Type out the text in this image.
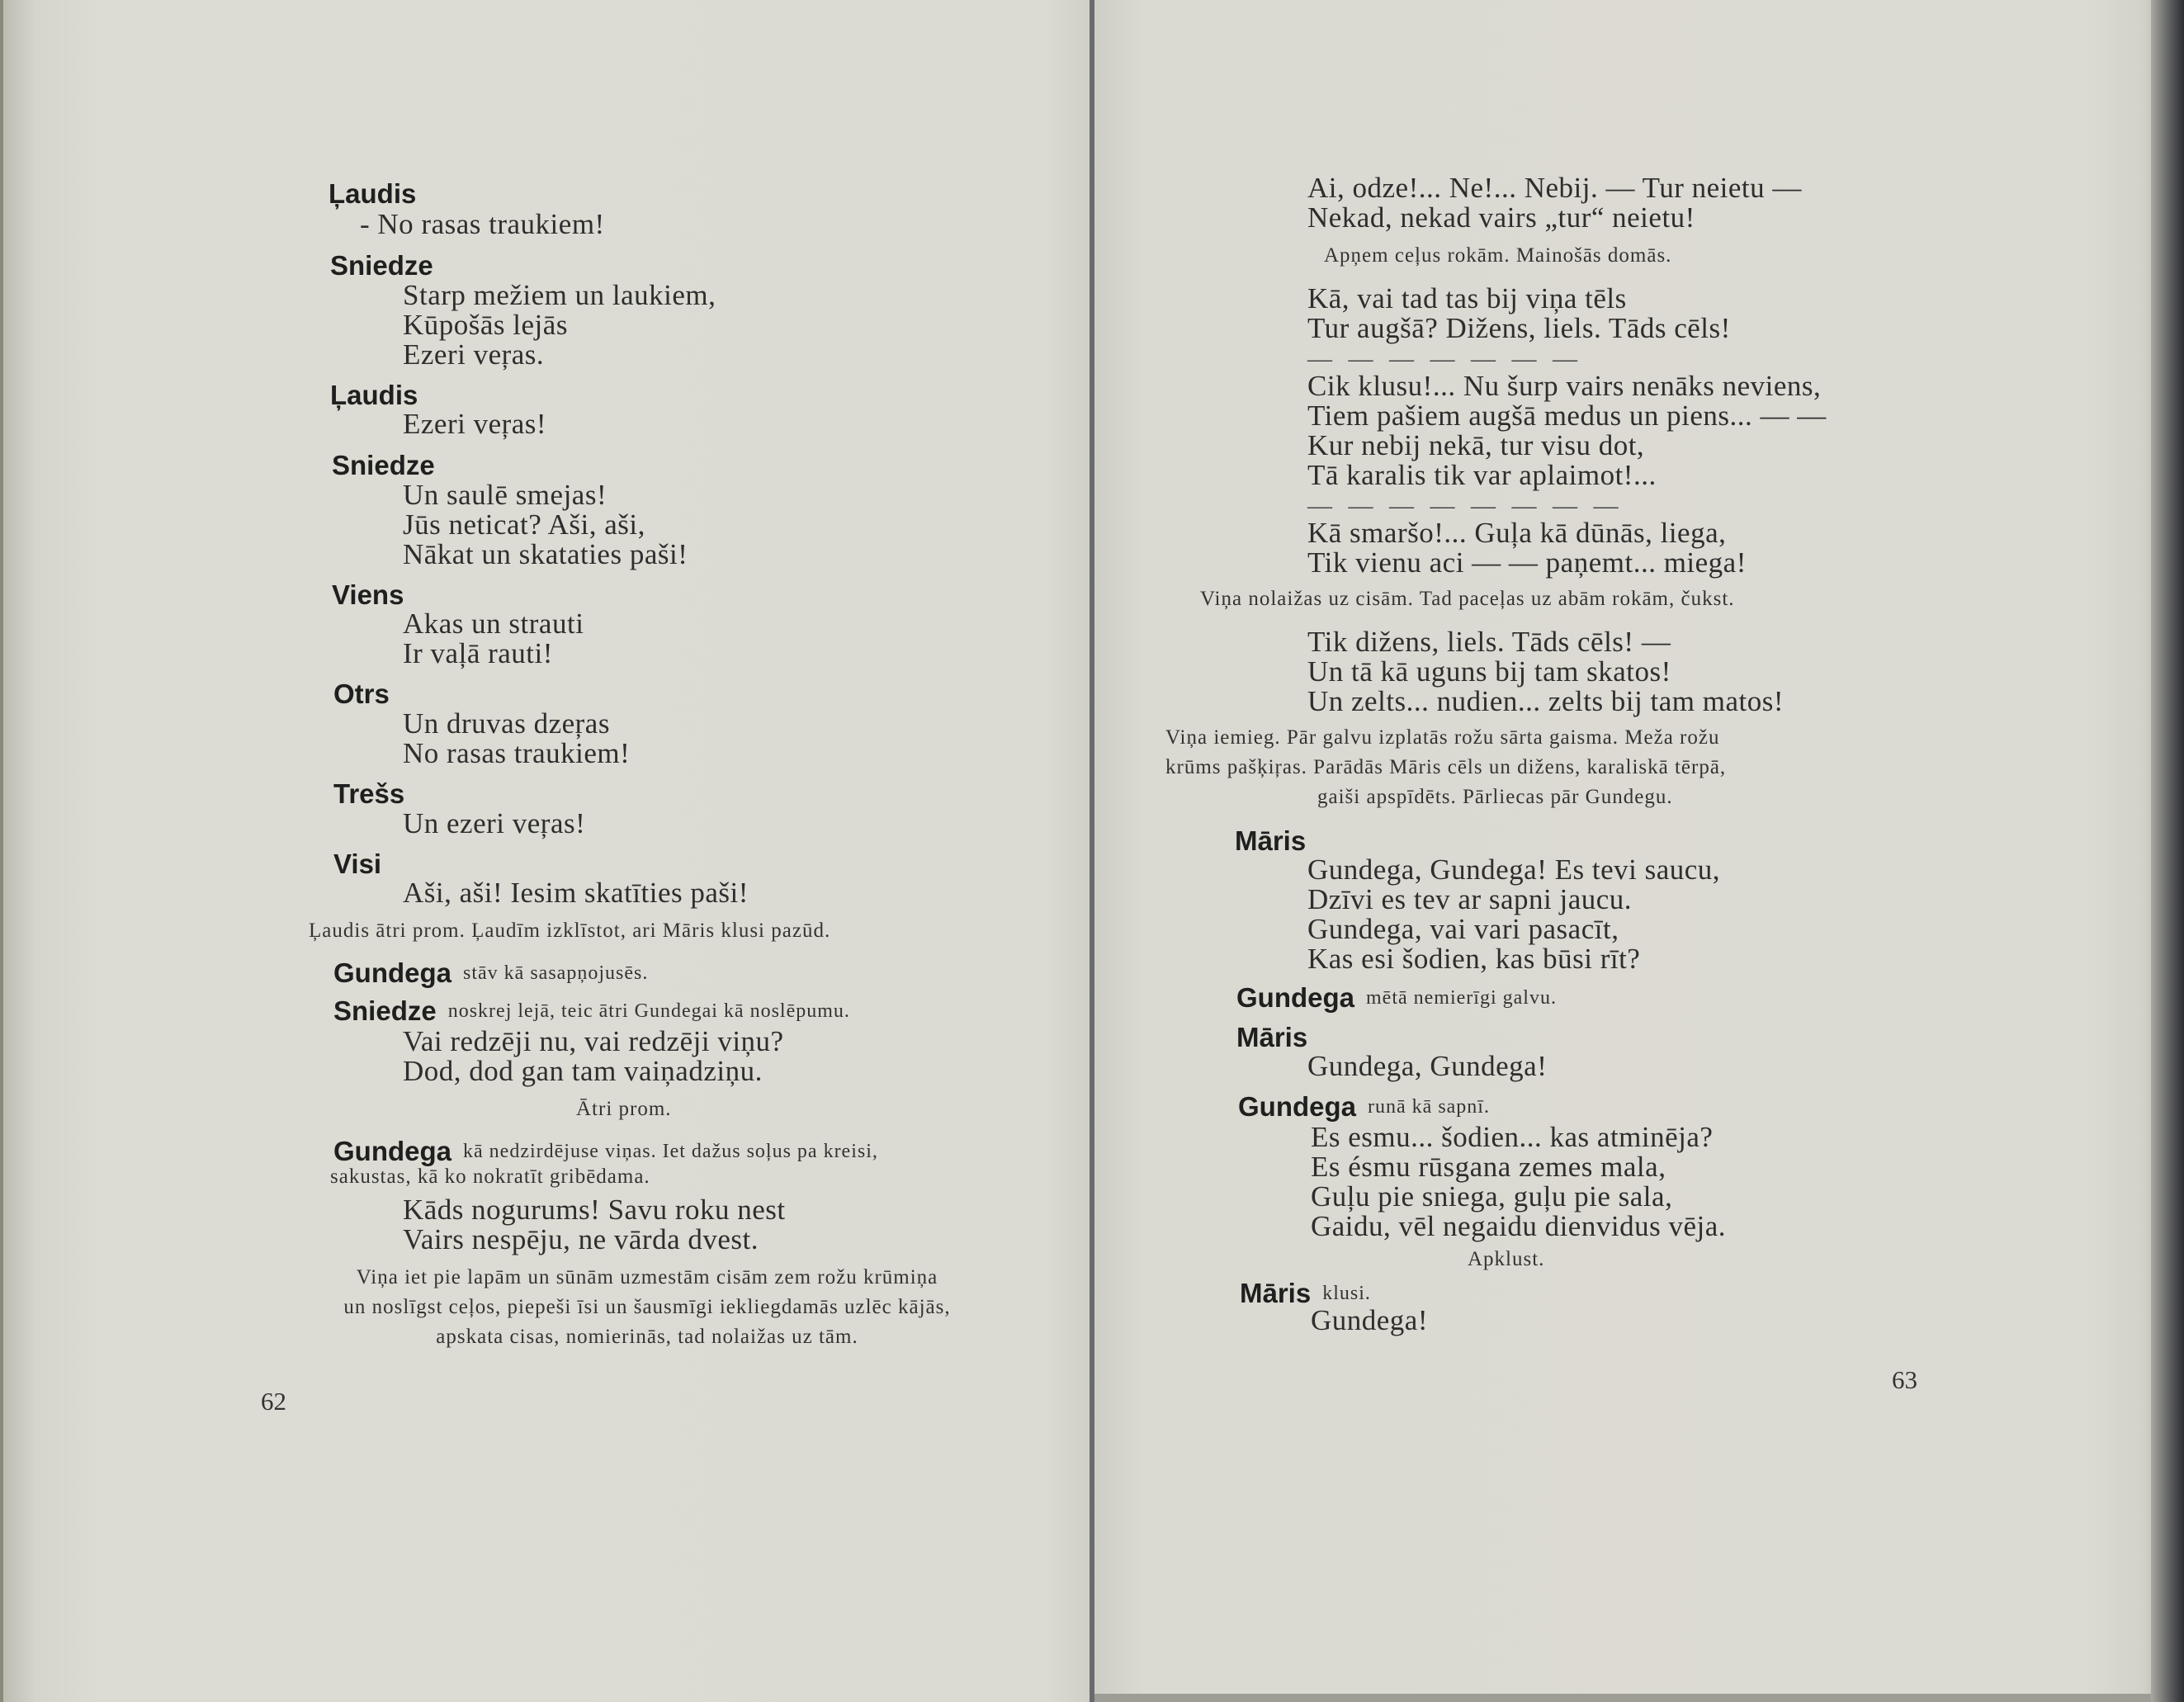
Ļaudis
- No rasas traukiem!
Sniedze
Starp mežiem un laukiem,
Kūpošās lejās
Ezeri veŗas.
Ļaudis
Ezeri veŗas!
Sniedze
Un saulē smejas!
Jūs neticat? Aši, aši,
Nākat un skataties paši!
Viens
Akas un strauti
Ir vaļā rauti!
Otrs
Un druvas dzeŗas
No rasas traukiem!
Trešs
Un ezeri veŗas!
Visi
Aši, aši! Iesim skatīties paši!
Ļaudis ātri prom. Ļaudīm izklīstot, ari Māris klusi pazūd.
Gundega stāv kā sasapņojusēs.
Sniedze noskrej lejā, teic ātri Gundegai kā noslēpumu.
Vai redzēji nu, vai redzēji viņu?
Dod, dod gan tam vaiņadziņu.
Ātri prom.
Gundega kā nedzirdējuse viņas. Iet dažus soļus pa kreisi,
sakustas, kā ko nokratīt gribēdama.
Kāds nogurums! Savu roku nest
Vairs nespēju, ne vārda dvest.
Viņa iet pie lapām un sūnām uzmestām cisām zem rožu krūmiņa
un noslīgst ceļos, piepeši īsi un šausmīgi iekliegdamās uzlēc kājās,
apskata cisas, nomierinās, tad nolaižas uz tām.
62
Ai, odze!... Ne!... Nebij. — Tur neietu —
Nekad, nekad vairs „tur“ neietu!
Apņem ceļus rokām. Mainošās domās.
Kā, vai tad tas bij viņa tēls
Tur augšā? Dižens, liels. Tāds cēls!
— — — — — — —
Cik klusu!... Nu šurp vairs nenāks neviens,
Tiem pašiem augšā medus un piens... — —
Kur nebij nekā, tur visu dot,
Tā karalis tik var aplaimot!...
— — — — — — — —
Kā smaršo!... Guļa kā dūnās, liega,
Tik vienu aci — — paņemt... miega!
Viņa nolaižas uz cisām. Tad paceļas uz abām rokām, čukst.
Tik dižens, liels. Tāds cēls! —
Un tā kā uguns bij tam skatos!
Un zelts... nudien... zelts bij tam matos!
Viņa iemieg. Pār galvu izplatās rožu sārta gaisma. Meža rožu
krūms pašķiŗas. Parādās Māris cēls un dižens, karaliskā tērpā,
gaiši apspīdēts. Pārliecas pār Gundegu.
Māris
Gundega, Gundega! Es tevi saucu,
Dzīvi es tev ar sapni jaucu.
Gundega, vai vari pasacīt,
Kas esi šodien, kas būsi rīt?
Gundega mētā nemierīgi galvu.
Māris
Gundega, Gundega!
Gundega runā kā sapnī.
Es esmu... šodien... kas atminēja?
Es ésmu rūsgana zemes mala,
Guļu pie sniega, guļu pie sala,
Gaidu, vēl negaidu dienvidus vēja.
Apklust.
Māris klusi.
Gundega!
63
